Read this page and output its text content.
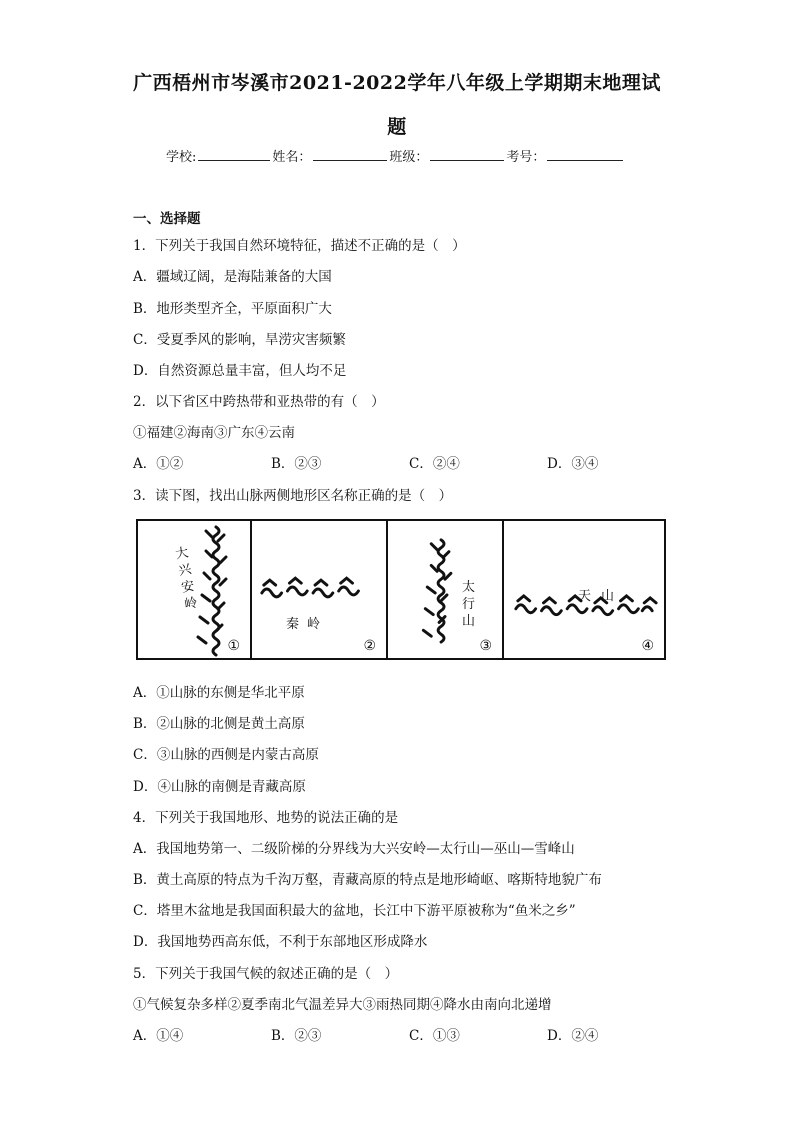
广西梧州市岑溪市2021-2022学年八年级上学期期末地理试
题
学校:	姓名：	班级：	考号：
一、选择题
1．下列关于我国自然环境特征，描述不正确的是（　）
A．疆域辽阔，是海陆兼备的大国
B．地形类型齐全，平原面积广大
C．受夏季风的影响，旱涝灾害频繁
D．自然资源总量丰富，但人均不足
2．以下省区中跨热带和亚热带的有（　）
①福建②海南③广东④云南
A．①②	B．②③	C．②④	D．③④
3．读下图，找出山脉两侧地形区名称正确的是（　）
大
兴
安
岭
①
秦岭
②
太
行
山
③
天山
④
A．①山脉的东侧是华北平原
B．②山脉的北侧是黄土高原
C．③山脉的西侧是内蒙古高原
D．④山脉的南侧是青藏高原
4．下列关于我国地形、地势的说法正确的是
A．我国地势第一、二级阶梯的分界线为大兴安岭—太行山—巫山—雪峰山
B．黄土高原的特点为千沟万壑，青藏高原的特点是地形崎岖、喀斯特地貌广布
C．塔里木盆地是我国面积最大的盆地，长江中下游平原被称为“鱼米之乡”
D．我国地势西高东低，不利于东部地区形成降水
5．下列关于我国气候的叙述正确的是（　）
①气候复杂多样②夏季南北气温差异大③雨热同期④降水由南向北递增
A．①④	B．②③	C．①③	D．②④
